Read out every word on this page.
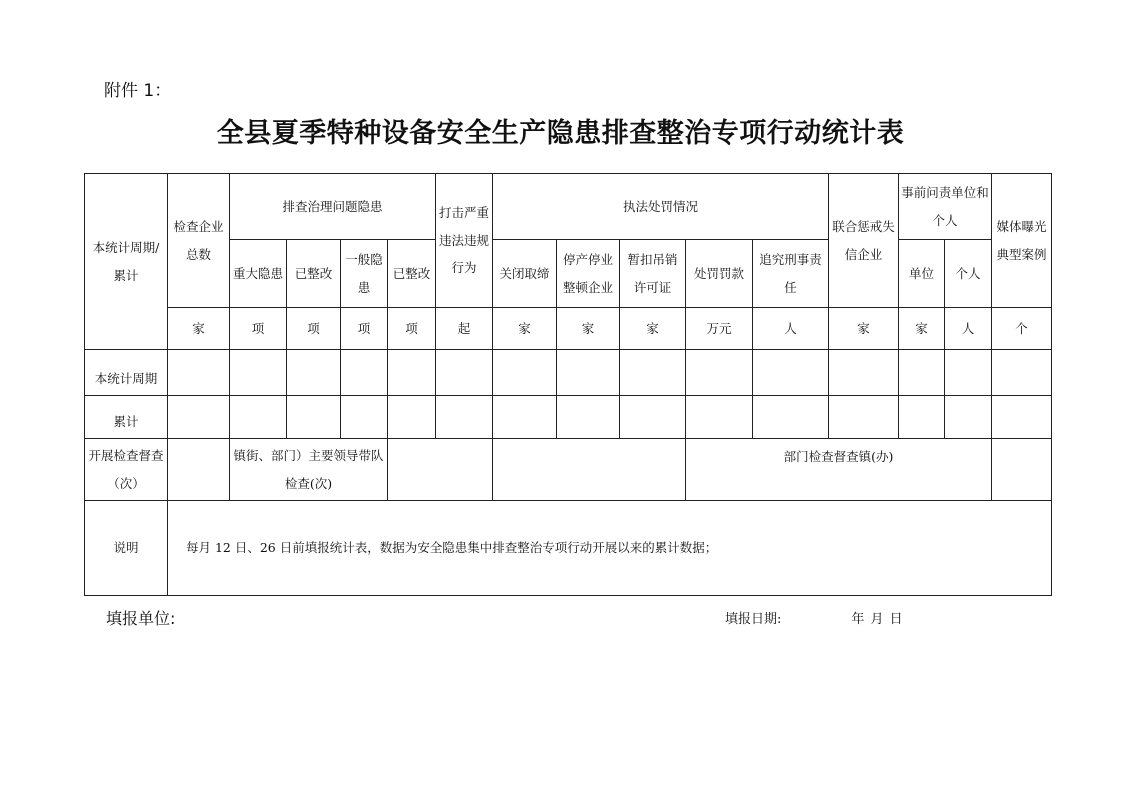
附件 1：
全县夏季特种设备安全生产隐患排查整治专项行动统计表
本统计周期/累计	检查企业总数	排查治理问题隐患				打击严重违法违规行为	执法处罚情况					联合惩戒失信企业	事前问责单位和个人		媒体曝光典型案例
		重大隐患	已整改	一般隐患	已整改		关闭取缔	停产停业整顿企业	暂扣吊销许可证	处罚罚款	追究刑事责任		单位	个人	
	家	项	项	项	项	起	家	家	家	万元	人	家	家	人	个
本统计周期															
累计															
开展检查督查（次）		镇街、部门）主要领导带队检查(次)								部门检查督查镇(办)					
说明	每月 12 日、26 日前填报统计表，数据为安全隐患集中排查整治专项行动开展以来的累计数据；														
填报单位:	填报日期:	年 月 日
